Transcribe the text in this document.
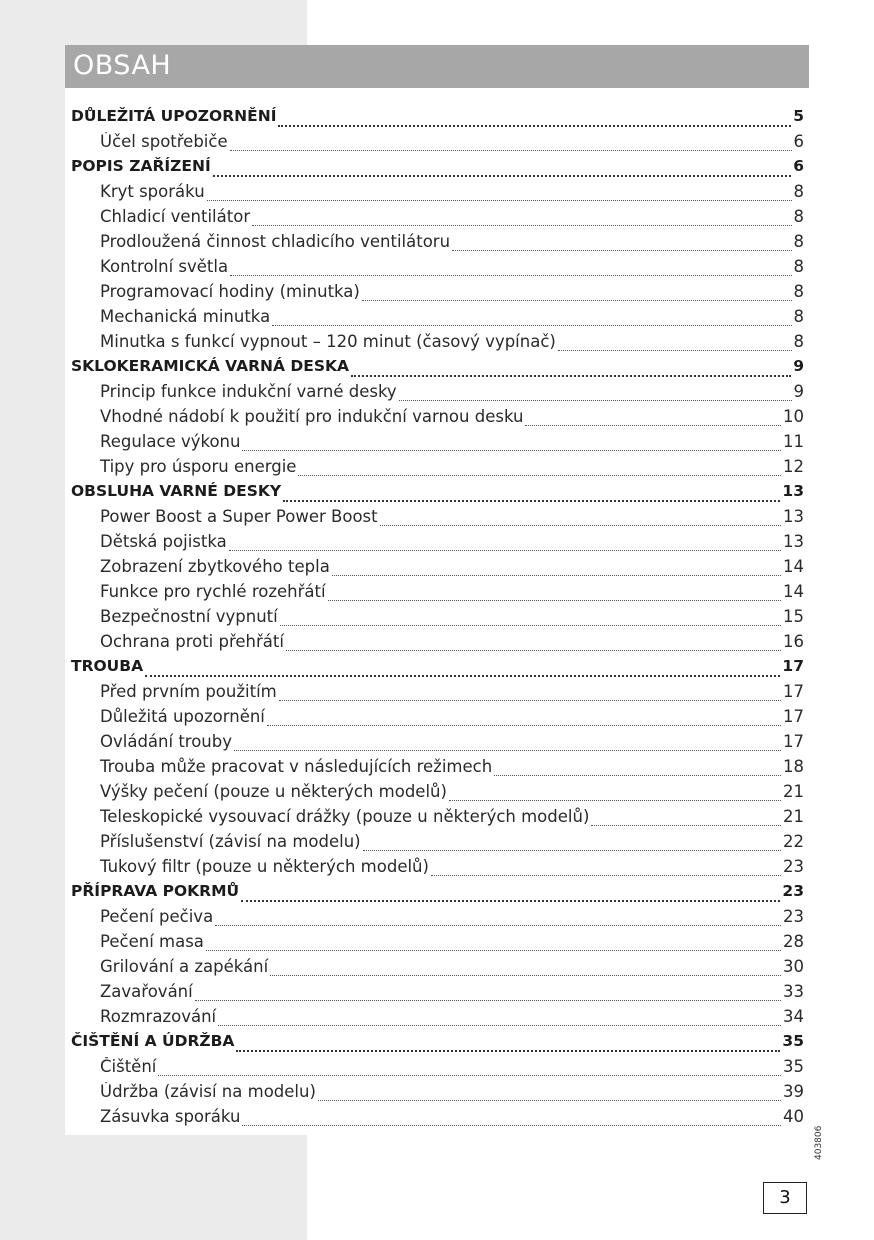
OBSAH
DŮLEŽITÁ UPOZORNĚNÍ	5
Účel spotřebiče	6
POPIS ZAŘÍZENÍ	6
Kryt sporáku	8
Chladicí ventilátor	8
Prodloužená činnost chladicího ventilátoru	8
Kontrolní světla	8
Programovací hodiny (minutka)	8
Mechanická minutka	8
Minutka s funkcí vypnout – 120 minut (časový vypínač)	8
SKLOKERAMICKÁ VARNÁ DESKA	9
Princip funkce indukční varné desky	9
Vhodné nádobí k použití pro indukční varnou desku	10
Regulace výkonu	11
Tipy pro úsporu energie	12
OBSLUHA VARNÉ DESKY	13
Power Boost a Super Power Boost	13
Dětská pojistka	13
Zobrazení zbytkového tepla	14
Funkce pro rychlé rozehřátí	14
Bezpečnostní vypnutí	15
Ochrana proti přehřátí	16
TROUBA	17
Před prvním použitím	17
Důležitá upozornění	17
Ovládání trouby	17
Trouba může pracovat v následujících režimech	18
Výšky pečení (pouze u některých modelů)	21
Teleskopické vysouvací drážky (pouze u některých modelů)	21
Příslušenství (závisí na modelu)	22
Tukový filtr (pouze u některých modelů)	23
PŘÍPRAVA POKRMŮ	23
Pečení pečiva	23
Pečení masa	28
Grilování a zapékání	30
Zavařování	33
Rozmrazování	34
ČIŠTĚNÍ A ÚDRŽBA	35
Čištění	35
Údržba (závisí na modelu)	39
Zásuvka sporáku	40
403806
3
